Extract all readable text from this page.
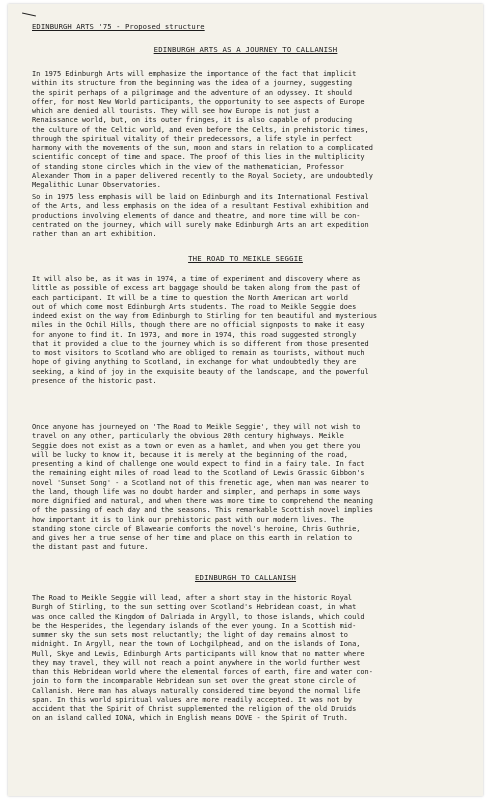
EDINBURGH ARTS '75 - Proposed structure
EDINBURGH ARTS AS A JOURNEY TO CALLANISH

In 1975 Edinburgh Arts will emphasize the importance of the fact that implicit
within its structure from the beginning was the idea of a journey, suggesting
the spirit perhaps of a pilgrimage and the adventure of an odyssey. It should
offer, for most New World participants, the opportunity to see aspects of Europe
which are denied all tourists. They will see how Europe is not just a
Renaissance world, but, on its outer fringes, it is also capable of producing
the culture of the Celtic world, and even before the Celts, in prehistoric times,
through the spiritual vitality of their predecessors, a life style in perfect
harmony with the movements of the sun, moon and stars in relation to a complicated
scientific concept of time and space. The proof of this lies in the multiplicity
of standing stone circles which in the view of the mathematician, Professor
Alexander Thom in a paper delivered recently to the Royal Society, are undoubtedly
Megalithic Lunar Observatories.

So in 1975 less emphasis will be laid on Edinburgh and its International Festival
of the Arts, and less emphasis on the idea of a resultant Festival exhibition and
productions involving elements of dance and theatre, and more time will be con-
centrated on the journey, which will surely make Edinburgh Arts an art expedition
rather than an art exhibition.

THE ROAD TO MEIKLE SEGGIE

It will also be, as it was in 1974, a time of experiment and discovery where as
little as possible of excess art baggage should be taken along from the past of
each participant. It will be a time to question the North American art world
out of which come most Edinburgh Arts students. The road to Meikle Seggie does
indeed exist on the way from Edinburgh to Stirling for ten beautiful and mysterious
miles in the Ochil Hills, though there are no official signposts to make it easy
for anyone to find it. In 1973, and more in 1974, this road suggested strongly
that it provided a clue to the journey which is so different from those presented
to most visitors to Scotland who are obliged to remain as tourists, without much
hope of giving anything to Scotland, in exchange for what undoubtedly they are
seeking, a kind of joy in the exquisite beauty of the landscape, and the powerful
presence of the historic past.

Once anyone has journeyed on 'The Road to Meikle Seggie', they will not wish to
travel on any other, particularly the obvious 20th century highways. Meikle
Seggie does not exist as a town or even as a hamlet, and when you get there you
will be lucky to know it, because it is merely at the beginning of the road,
presenting a kind of challenge one would expect to find in a fairy tale. In fact
the remaining eight miles of road lead to the Scotland of Lewis Grassic Gibbon's
novel 'Sunset Song' - a Scotland not of this frenetic age, when man was nearer to
the land, though life was no doubt harder and simpler, and perhaps in some ways
more dignified and natural, and when there was more time to comprehend the meaning
of the passing of each day and the seasons. This remarkable Scottish novel implies
how important it is to link our prehistoric past with our modern lives. The
standing stone circle of Blawearie comforts the novel's heroine, Chris Guthrie,
and gives her a true sense of her time and place on this earth in relation to
the distant past and future.

EDINBURGH TO CALLANISH

The Road to Meikle Seggie will lead, after a short stay in the historic Royal
Burgh of Stirling, to the sun setting over Scotland's Hebridean coast, in what
was once called the Kingdom of Dalriada in Argyll, to those islands, which could
be the Hesperides, the legendary islands of the ever young. In a Scottish mid-
summer sky the sun sets most reluctantly; the light of day remains almost to
midnight. In Argyll, near the town of Lochgilphead, and on the islands of Iona,
Mull, Skye and Lewis, Edinburgh Arts participants will know that no matter where
they may travel, they will not reach a point anywhere in the world further west
than this Hebridean world where the elemental forces of earth, fire and water con-
join to form the incomparable Hebridean sun set over the great stone circle of
Callanish. Here man has always naturally considered time beyond the normal life
span. In this world spiritual values are more readily accepted. It was not by
accident that the Spirit of Christ supplemented the religion of the old Druids
on an island called IONA, which in English means DOVE - the Spirit of Truth.
